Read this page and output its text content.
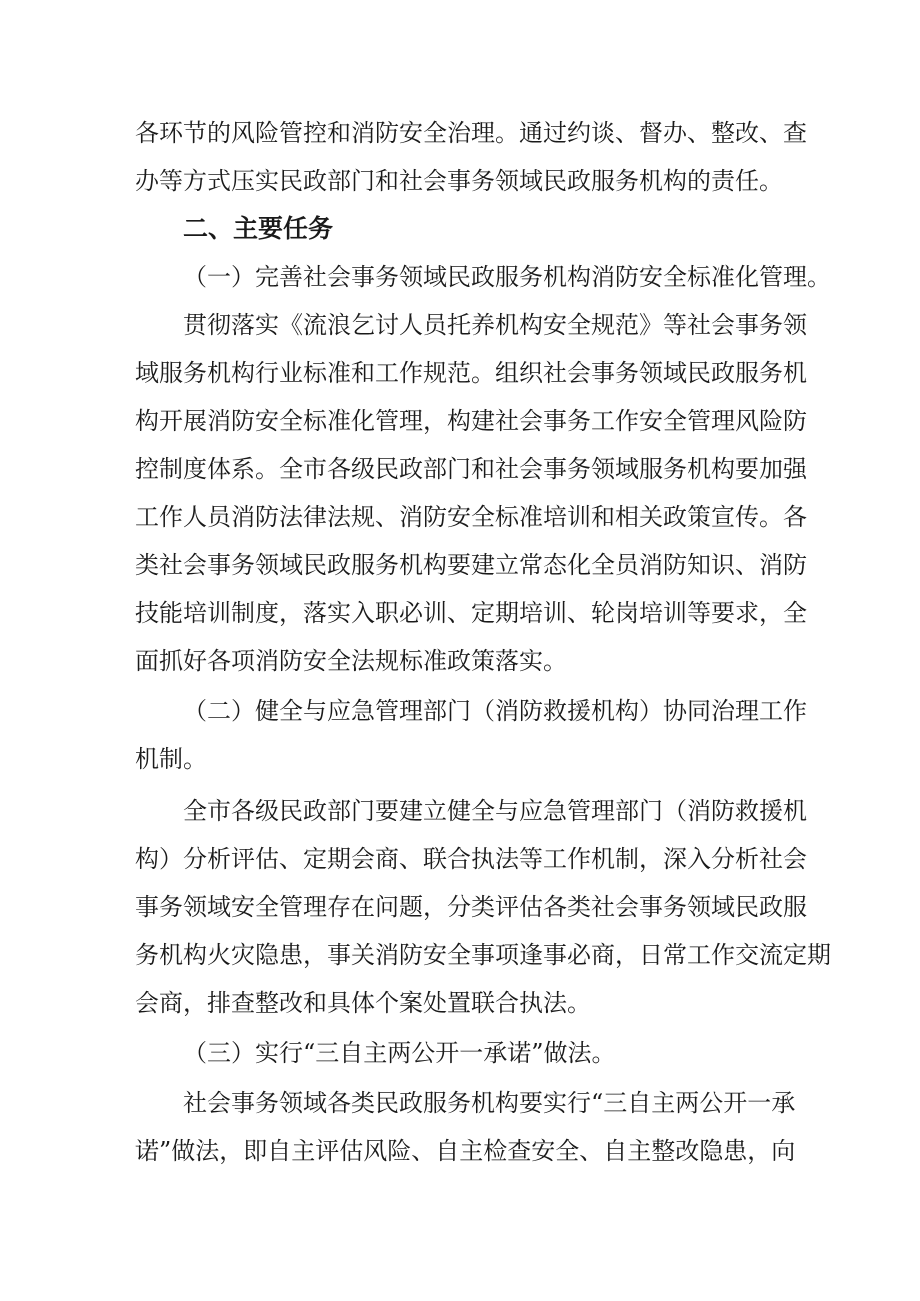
各环节的风险管控和消防安全治理。通过约谈、督办、整改、查
办等方式压实民政部门和社会事务领域民政服务机构的责任。
二、主要任务
（一）完善社会事务领域民政服务机构消防安全标准化管理。
贯彻落实《流浪乞讨人员托养机构安全规范》等社会事务领
域服务机构行业标准和工作规范。组织社会事务领域民政服务机
构开展消防安全标准化管理，构建社会事务工作安全管理风险防
控制度体系。全市各级民政部门和社会事务领域服务机构要加强
工作人员消防法律法规、消防安全标准培训和相关政策宣传。各
类社会事务领域民政服务机构要建立常态化全员消防知识、消防
技能培训制度，落实入职必训、定期培训、轮岗培训等要求，全
面抓好各项消防安全法规标准政策落实。
（二）健全与应急管理部门（消防救援机构）协同治理工作
机制。
全市各级民政部门要建立健全与应急管理部门（消防救援机
构）分析评估、定期会商、联合执法等工作机制，深入分析社会
事务领域安全管理存在问题，分类评估各类社会事务领域民政服
务机构火灾隐患，事关消防安全事项逢事必商，日常工作交流定期
会商，排查整改和具体个案处置联合执法。
（三）实行“三自主两公开一承诺”做法。
社会事务领域各类民政服务机构要实行“三自主两公开一承
诺”做法，即自主评估风险、自主检查安全、自主整改隐患，向
